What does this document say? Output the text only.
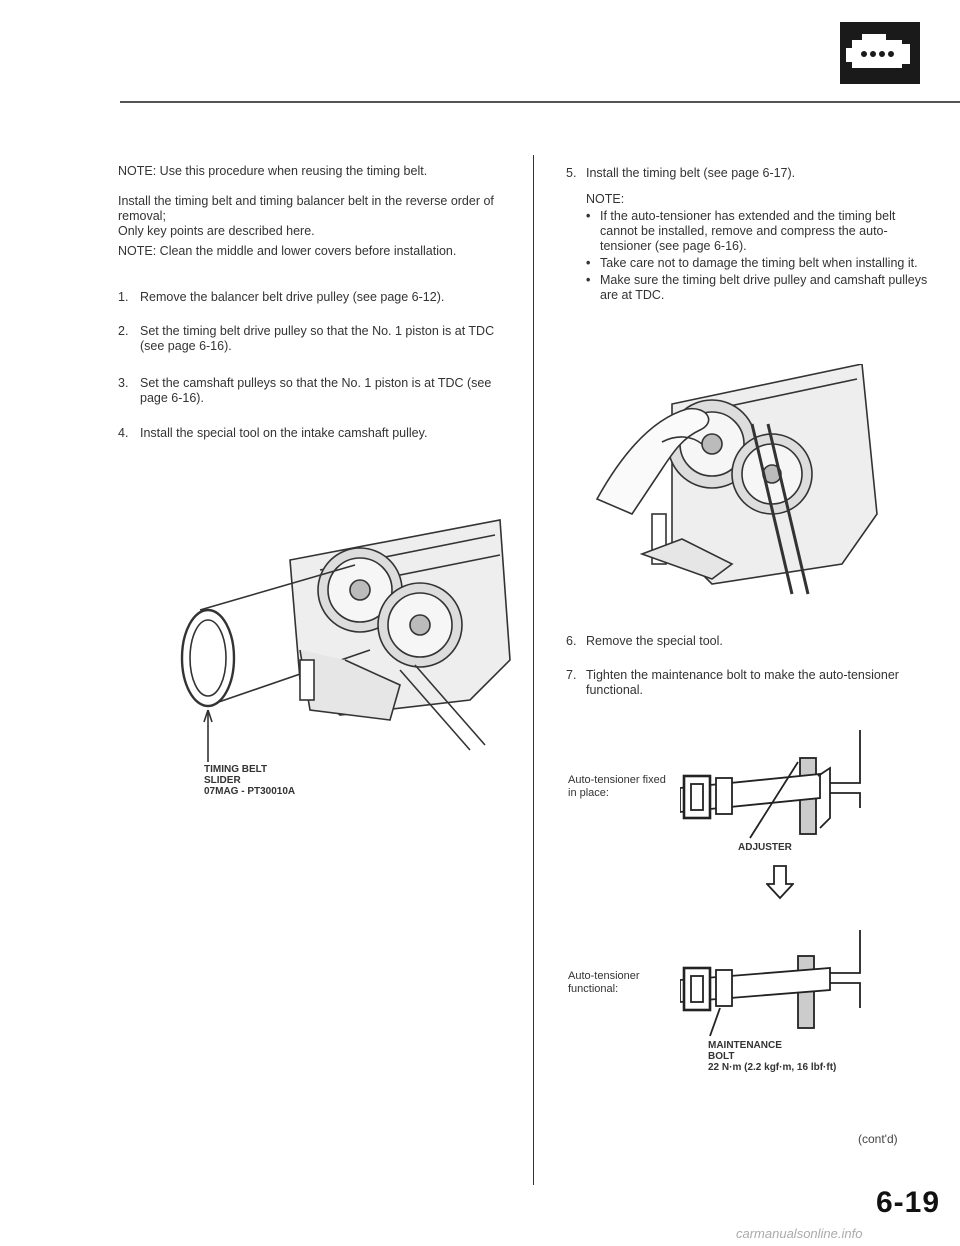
NOTE: Use this procedure when reusing the timing belt.
Install the timing belt and timing balancer belt in the reverse order of removal;
Only key points are described here.
NOTE: Clean the middle and lower covers before installation.
1. Remove the balancer belt drive pulley (see page 6-12).
2. Set the timing belt drive pulley so that the No. 1 piston is at TDC (see page 6-16).
3. Set the camshaft pulleys so that the No. 1 piston is at TDC (see page 6-16).
4. Install the special tool on the intake camshaft pulley.
TIMING BELT
SLIDER
07MAG - PT30010A
5. Install the timing belt (see page 6-17).
NOTE:
• If the auto-tensioner has extended and the timing belt cannot be installed, remove and compress the auto-tensioner (see page 6-16).
• Take care not to damage the timing belt when installing it.
• Make sure the timing belt drive pulley and camshaft pulleys are at TDC.
6. Remove the special tool.
7. Tighten the maintenance bolt to make the auto-tensioner functional.
Auto-tensioner fixed in place:
ADJUSTER
Auto-tensioner functional:
MAINTENANCE
BOLT
22 N·m (2.2 kgf·m, 16 lbf·ft)
(cont'd)
6-19
carmanualsonline.info
